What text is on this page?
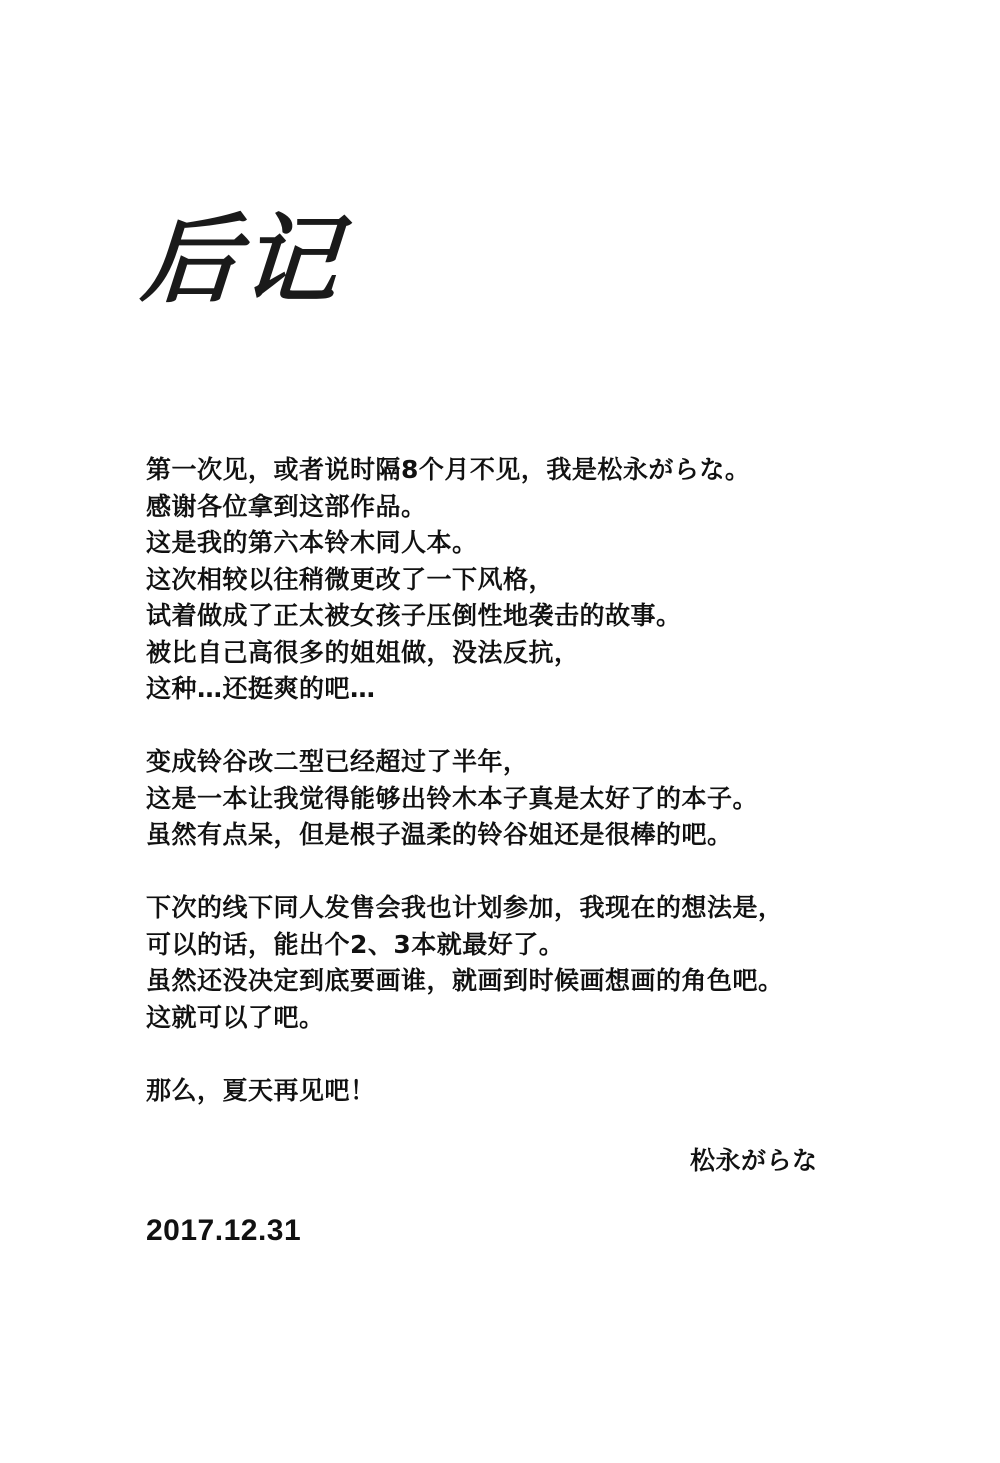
后记

第一次见，或者说时隔8个月不见，我是松永がらな。
感谢各位拿到这部作品。
这是我的第六本铃木同人本。
这次相较以往稍微更改了一下风格，
试着做成了正太被女孩子压倒性地袭击的故事。
被比自己高很多的姐姐做，没法反抗，
这种…还挺爽的吧…

变成铃谷改二型已经超过了半年，
这是一本让我觉得能够出铃木本子真是太好了的本子。
虽然有点呆，但是根子温柔的铃谷姐还是很棒的吧。

下次的线下同人发售会我也计划参加，我现在的想法是，
可以的话，能出个2、3本就最好了。
虽然还没决定到底要画谁，就画到时候画想画的角色吧。
这就可以了吧。

那么，夏天再见吧！

松永がらな
2017.12.31
